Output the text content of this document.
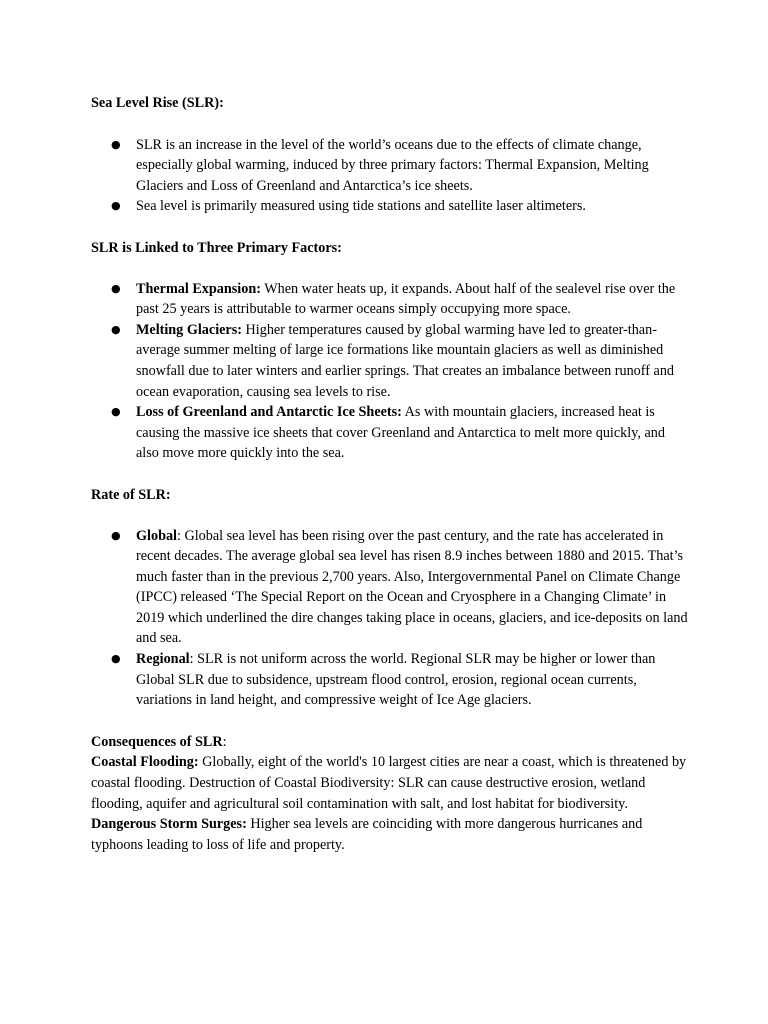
Sea Level Rise (SLR):

● SLR is an increase in the level of the world’s oceans due to the effects of climate change, especially global warming, induced by three primary factors: Thermal Expansion, Melting Glaciers and Loss of Greenland and Antarctica’s ice sheets.
● Sea level is primarily measured using tide stations and satellite laser altimeters.

SLR is Linked to Three Primary Factors:

● Thermal Expansion: When water heats up, it expands. About half of the sealevel rise over the past 25 years is attributable to warmer oceans simply occupying more space.
● Melting Glaciers: Higher temperatures caused by global warming have led to greater-than-average summer melting of large ice formations like mountain glaciers as well as diminished snowfall due to later winters and earlier springs. That creates an imbalance between runoff and ocean evaporation, causing sea levels to rise.
● Loss of Greenland and Antarctic Ice Sheets: As with mountain glaciers, increased heat is causing the massive ice sheets that cover Greenland and Antarctica to melt more quickly, and also move more quickly into the sea.

Rate of SLR:

● Global: Global sea level has been rising over the past century, and the rate has accelerated in recent decades. The average global sea level has risen 8.9 inches between 1880 and 2015. That’s much faster than in the previous 2,700 years. Also, Intergovernmental Panel on Climate Change (IPCC) released ‘The Special Report on the Ocean and Cryosphere in a Changing Climate’ in 2019 which underlined the dire changes taking place in oceans, glaciers, and ice-deposits on land and sea.
● Regional: SLR is not uniform across the world. Regional SLR may be higher or lower than Global SLR due to subsidence, upstream flood control, erosion, regional ocean currents, variations in land height, and compressive weight of Ice Age glaciers.

Consequences of SLR:

Coastal Flooding: Globally, eight of the world's 10 largest cities are near a coast, which is threatened by coastal flooding. Destruction of Coastal Biodiversity: SLR can cause destructive erosion, wetland flooding, aquifer and agricultural soil contamination with salt, and lost habitat for biodiversity.

Dangerous Storm Surges: Higher sea levels are coinciding with more dangerous hurricanes and typhoons leading to loss of life and property.
